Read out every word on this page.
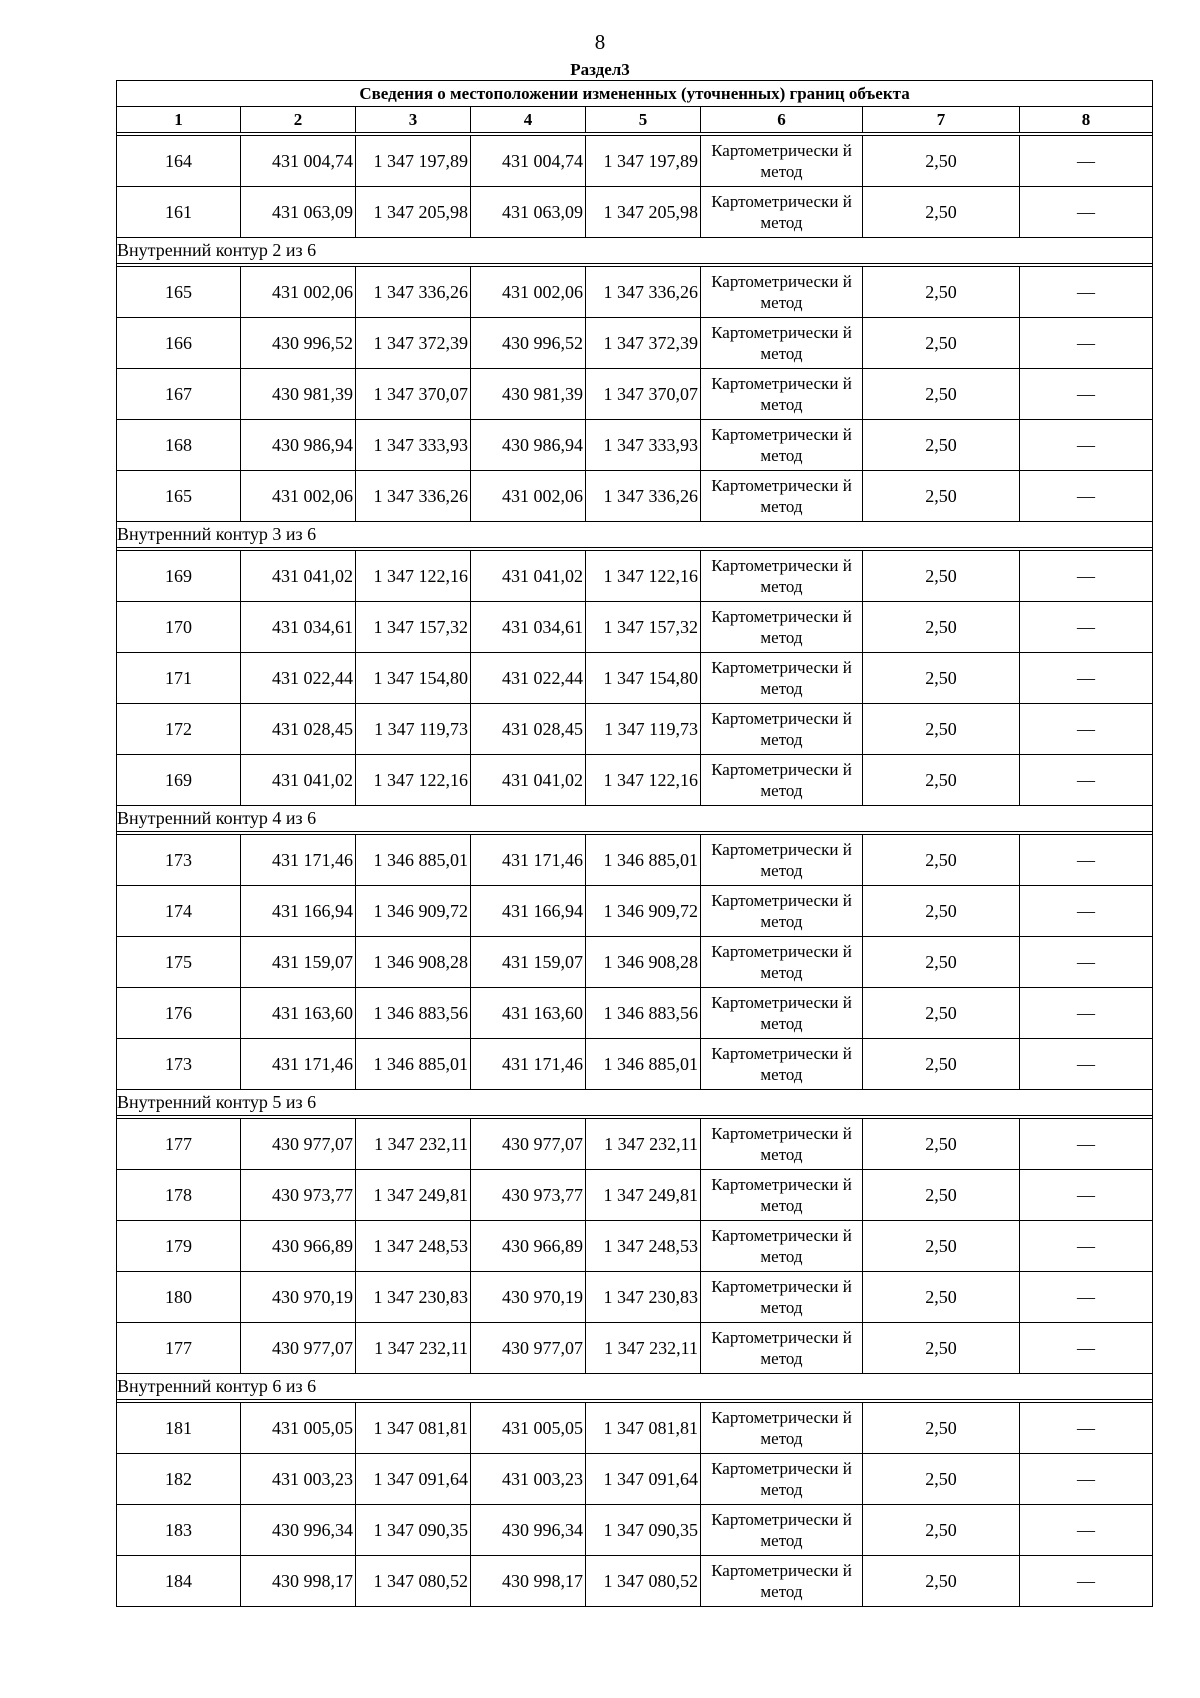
8
Раздел3
Сведения о местоположении измененных (уточненных) границ объекта							
1	2	3	4	5	6	7	8

164	431 004,74	1 347 197,89	431 004,74	1 347 197,89	Картометрически й метод	2,50	—
161	431 063,09	1 347 205,98	431 063,09	1 347 205,98	Картометрически й метод	2,50	—
Внутренний контур 2 из 6							

165	431 002,06	1 347 336,26	431 002,06	1 347 336,26	Картометрически й метод	2,50	—
166	430 996,52	1 347 372,39	430 996,52	1 347 372,39	Картометрически й метод	2,50	—
167	430 981,39	1 347 370,07	430 981,39	1 347 370,07	Картометрически й метод	2,50	—
168	430 986,94	1 347 333,93	430 986,94	1 347 333,93	Картометрически й метод	2,50	—
165	431 002,06	1 347 336,26	431 002,06	1 347 336,26	Картометрически й метод	2,50	—
Внутренний контур 3 из 6							

169	431 041,02	1 347 122,16	431 041,02	1 347 122,16	Картометрически й метод	2,50	—
170	431 034,61	1 347 157,32	431 034,61	1 347 157,32	Картометрически й метод	2,50	—
171	431 022,44	1 347 154,80	431 022,44	1 347 154,80	Картометрически й метод	2,50	—
172	431 028,45	1 347 119,73	431 028,45	1 347 119,73	Картометрически й метод	2,50	—
169	431 041,02	1 347 122,16	431 041,02	1 347 122,16	Картометрически й метод	2,50	—
Внутренний контур 4 из 6							

173	431 171,46	1 346 885,01	431 171,46	1 346 885,01	Картометрически й метод	2,50	—
174	431 166,94	1 346 909,72	431 166,94	1 346 909,72	Картометрически й метод	2,50	—
175	431 159,07	1 346 908,28	431 159,07	1 346 908,28	Картометрически й метод	2,50	—
176	431 163,60	1 346 883,56	431 163,60	1 346 883,56	Картометрически й метод	2,50	—
173	431 171,46	1 346 885,01	431 171,46	1 346 885,01	Картометрически й метод	2,50	—
Внутренний контур 5 из 6							

177	430 977,07	1 347 232,11	430 977,07	1 347 232,11	Картометрически й метод	2,50	—
178	430 973,77	1 347 249,81	430 973,77	1 347 249,81	Картометрически й метод	2,50	—
179	430 966,89	1 347 248,53	430 966,89	1 347 248,53	Картометрически й метод	2,50	—
180	430 970,19	1 347 230,83	430 970,19	1 347 230,83	Картометрически й метод	2,50	—
177	430 977,07	1 347 232,11	430 977,07	1 347 232,11	Картометрически й метод	2,50	—
Внутренний контур 6 из 6							

181	431 005,05	1 347 081,81	431 005,05	1 347 081,81	Картометрически й метод	2,50	—
182	431 003,23	1 347 091,64	431 003,23	1 347 091,64	Картометрически й метод	2,50	—
183	430 996,34	1 347 090,35	430 996,34	1 347 090,35	Картометрически й метод	2,50	—
184	430 998,17	1 347 080,52	430 998,17	1 347 080,52	Картометрически й метод	2,50	—
